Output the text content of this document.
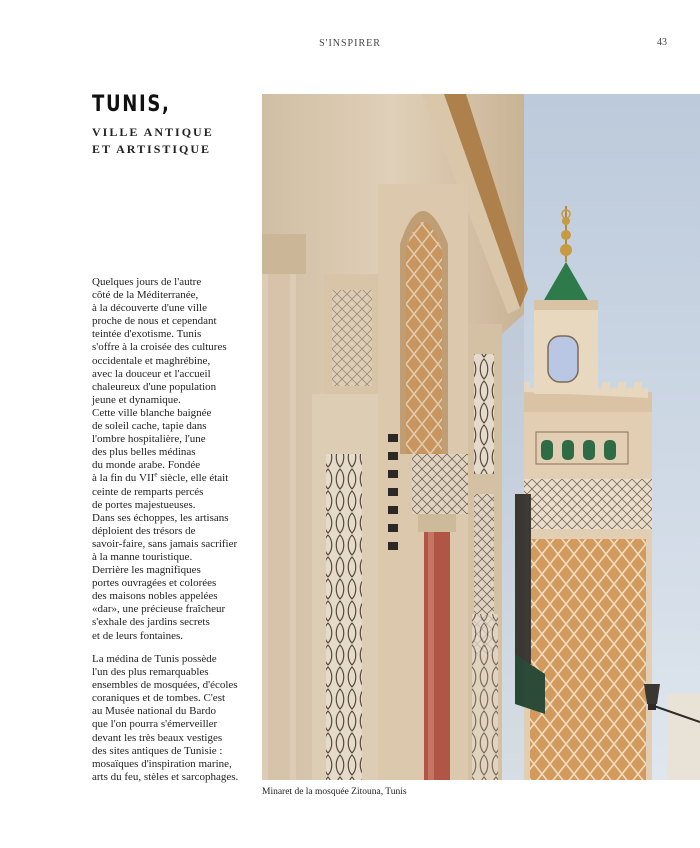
S'INSPIRER	43
TUNIS,
VILLE ANTIQUE
ET ARTISTIQUE
Quelques jours de l'autre
côté de la Méditerranée,
à la découverte d'une ville
proche de nous et cependant
teintée d'exotisme. Tunis
s'offre à la croisée des cultures
occidentale et maghrébine,
avec la douceur et l'accueil
chaleureux d'une population
jeune et dynamique.
Cette ville blanche baignée
de soleil cache, tapie dans
l'ombre hospitalière, l'une
des plus belles médinas
du monde arabe. Fondée
à la fin du VIIe siècle, elle était
ceinte de remparts percés
de portes majestueuses.
Dans ses échoppes, les artisans
déploient des trésors de
savoir-faire, sans jamais sacrifier
à la manne touristique.
Derrière les magnifiques
portes ouvragées et colorées
des maisons nobles appelées
«dar», une précieuse fraîcheur
s'exhale des jardins secrets
et de leurs fontaines.
La médina de Tunis possède
l'un des plus remarquables
ensembles de mosquées, d'écoles
coraniques et de tombes. C'est
au Musée national du Bardo
que l'on pourra s'émerveiller
devant les très beaux vestiges
des sites antiques de Tunisie :
mosaïques d'inspiration marine,
arts du feu, stèles et sarcophages.
Minaret de la mosquée Zitouna, Tunis
